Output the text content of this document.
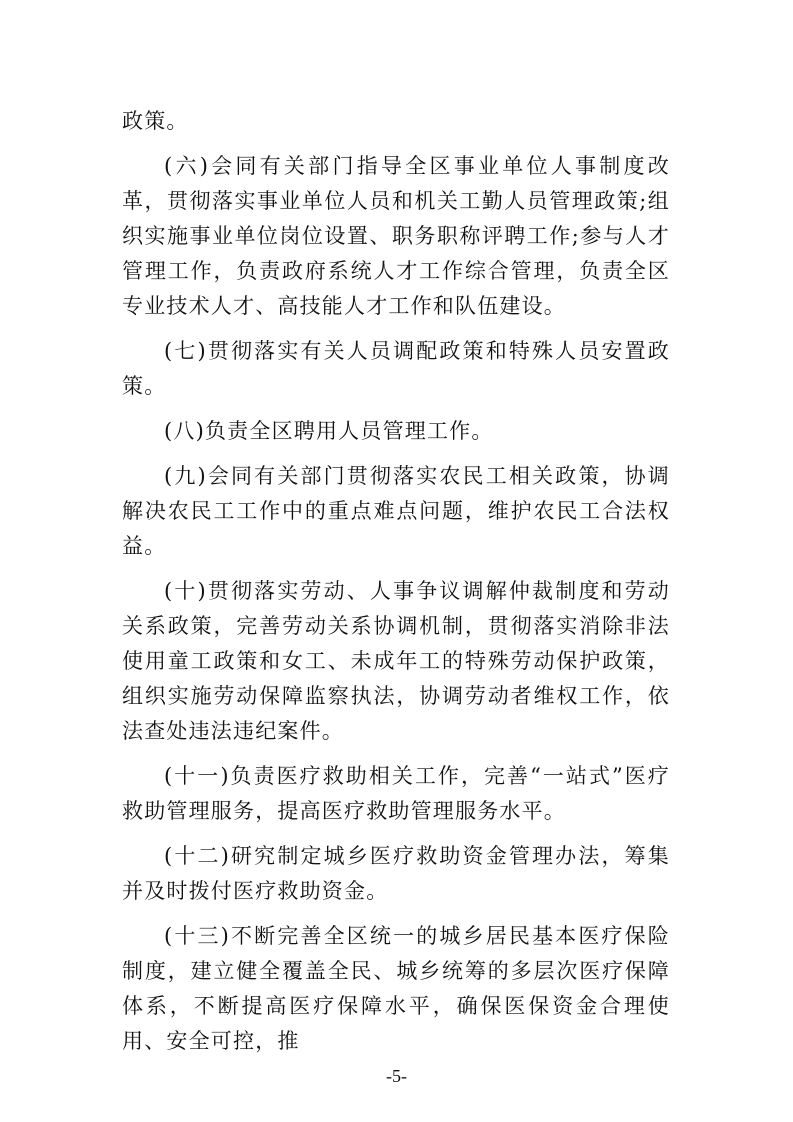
政策。

(六)会同有关部门指导全区事业单位人事制度改革，贯彻落实事业单位人员和机关工勤人员管理政策;组织实施事业单位岗位设置、职务职称评聘工作;参与人才管理工作，负责政府系统人才工作综合管理，负责全区专业技术人才、高技能人才工作和队伍建设。

(七)贯彻落实有关人员调配政策和特殊人员安置政策。

(八)负责全区聘用人员管理工作。

(九)会同有关部门贯彻落实农民工相关政策，协调解决农民工工作中的重点难点问题，维护农民工合法权益。

(十)贯彻落实劳动、人事争议调解仲裁制度和劳动关系政策，完善劳动关系协调机制，贯彻落实消除非法使用童工政策和女工、未成年工的特殊劳动保护政策，组织实施劳动保障监察执法，协调劳动者维权工作，依法查处违法违纪案件。

(十一)负责医疗救助相关工作，完善“一站式”医疗救助管理服务，提高医疗救助管理服务水平。

(十二)研究制定城乡医疗救助资金管理办法，筹集并及时拨付医疗救助资金。

(十三)不断完善全区统一的城乡居民基本医疗保险制度，建立健全覆盖全民、城乡统筹的多层次医疗保障体系，不断提高医疗保障水平，确保医保资金合理使用、安全可控，推

-5-
